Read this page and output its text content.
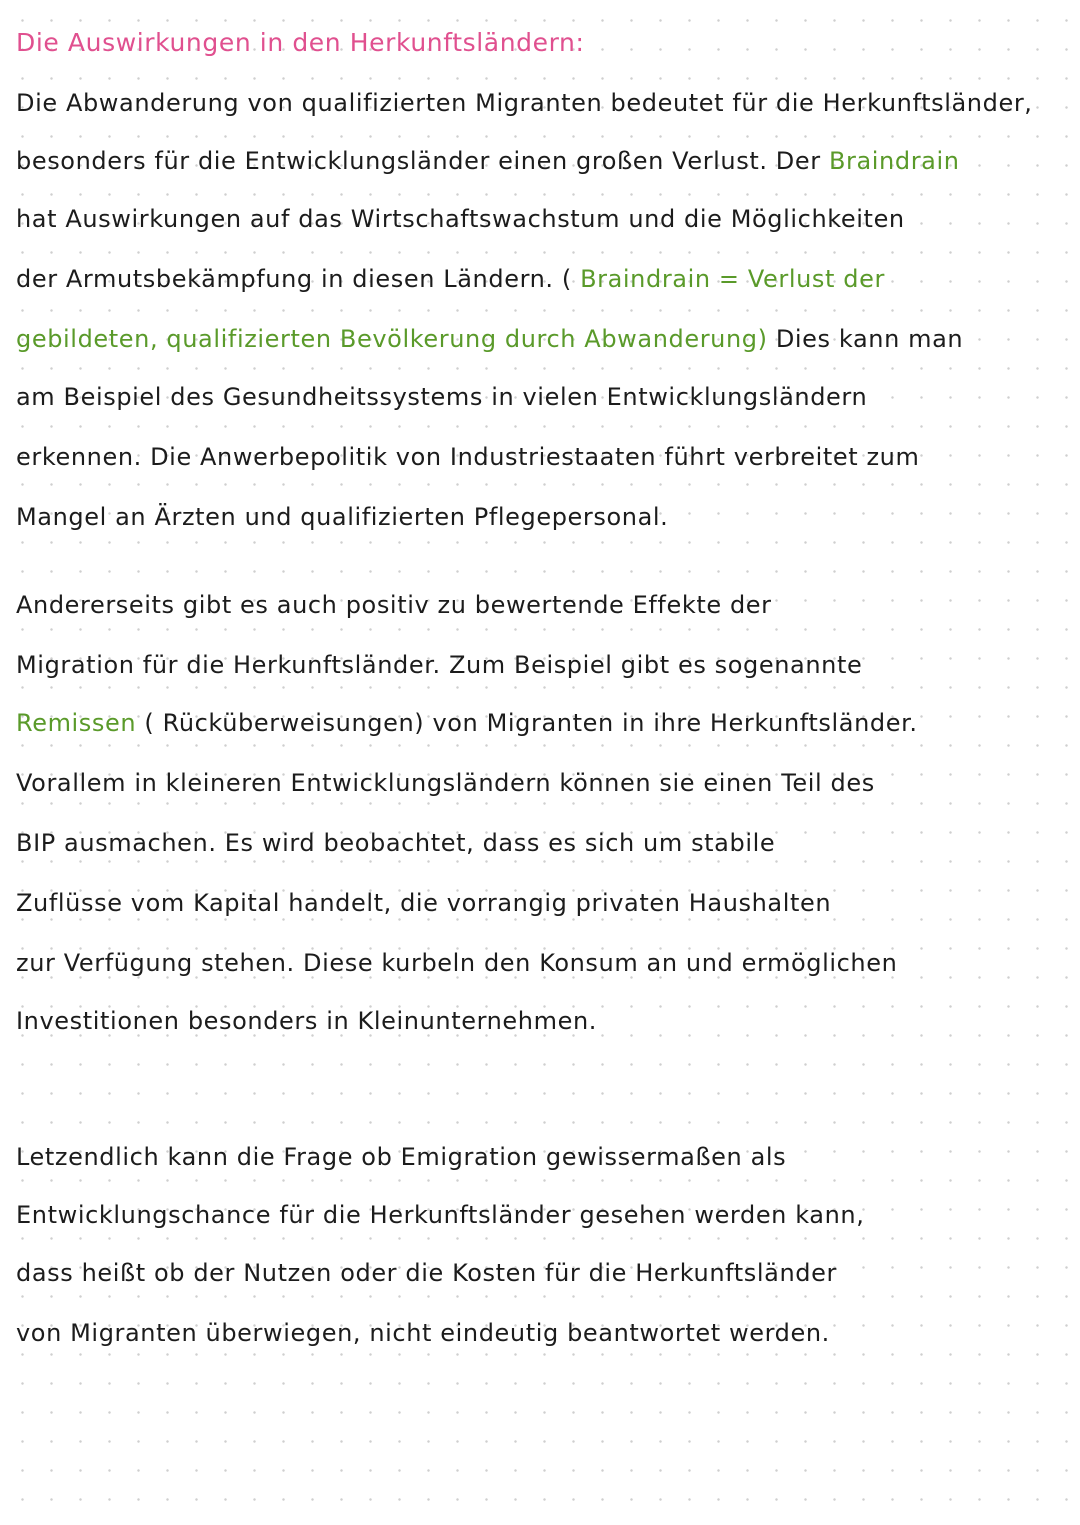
Die Auswirkungen in den Herkunftsländern:
Die Abwanderung von qualifizierten Migranten bedeutet für die Herkunftsländer,
besonders für die Entwicklungsländer einen großen Verlust. Der Braindrain
hat Auswirkungen auf das Wirtschaftswachstum und die Möglichkeiten
der Armutsbekämpfung in diesen Ländern. ( Braindrain = Verlust der
gebildeten, qualifizierten Bevölkerung durch Abwanderung) Dies kann man
am Beispiel des Gesundheitssystems in vielen Entwicklungsländern
erkennen. Die Anwerbepolitik von Industriestaaten führt verbreitet zum
Mangel an Ärzten und qualifizierten Pflegepersonal.
Andererseits gibt es auch positiv zu bewertende Effekte der
Migration für die Herkunftsländer. Zum Beispiel gibt es sogenannte
Remissen ( Rücküberweisungen) von Migranten in ihre Herkunftsländer.
Vorallem in kleineren Entwicklungsländern können sie einen Teil des
BIP ausmachen. Es wird beobachtet, dass es sich um stabile
Zuflüsse vom Kapital handelt, die vorrangig privaten Haushalten
zur Verfügung stehen. Diese kurbeln den Konsum an und ermöglichen
Investitionen besonders in Kleinunternehmen.
Letzendlich kann die Frage ob Emigration gewissermaßen als
Entwicklungschance für die Herkunftsländer gesehen werden kann,
dass heißt ob der Nutzen oder die Kosten für die Herkunftsländer
von Migranten überwiegen, nicht eindeutig beantwortet werden.
